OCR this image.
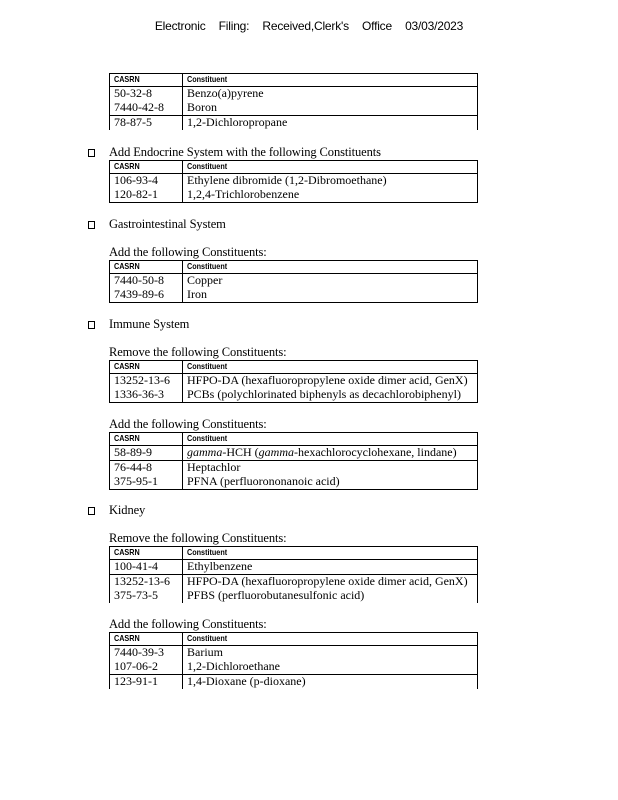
Electronic Filing: Received,Clerk's Office 03/03/2023
CASRN	Constituent
50-32-8	Benzo(a)pyrene
7440-42-8	Boron
78-87-5	1,2-Dichloropropane
Add Endocrine System with the following Constituents
CASRN	Constituent
106-93-4	Ethylene dibromide (1,2-Dibromoethane)
120-82-1	1,2,4-Trichlorobenzene
Gastrointestinal System
Add the following Constituents:
CASRN	Constituent
7440-50-8	Copper
7439-89-6	Iron
Immune System
Remove the following Constituents:
CASRN	Constituent
13252-13-6	HFPO-DA (hexafluoropropylene oxide dimer acid, GenX)
1336-36-3	PCBs (polychlorinated biphenyls as decachlorobiphenyl)
Add the following Constituents:
CASRN	Constituent
58-89-9	gamma-HCH (gamma-hexachlorocyclohexane, lindane)
76-44-8	Heptachlor
375-95-1	PFNA (perfluorononanoic acid)
Kidney
Remove the following Constituents:
CASRN	Constituent
100-41-4	Ethylbenzene
13252-13-6	HFPO-DA (hexafluoropropylene oxide dimer acid, GenX)
375-73-5	PFBS (perfluorobutanesulfonic acid)
Add the following Constituents:
CASRN	Constituent
7440-39-3	Barium
107-06-2	1,2-Dichloroethane
123-91-1	1,4-Dioxane (p-dioxane)
